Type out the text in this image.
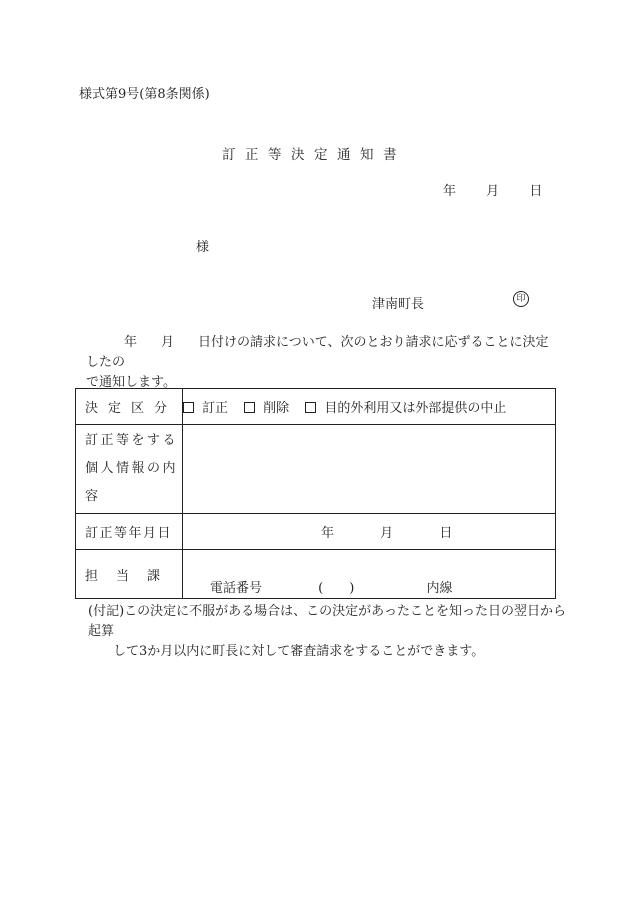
様式第9号(第8条関係)
訂正等決定通知書
年 月 日
様
津南町長	印
年 月 日付けの請求について、次のとおり請求に応ずることに決定したの
で通知します。
決定区分	訂正 削除 目的外利用又は外部提供の中止
訂正等をする
個人情報の内容	
訂正等年月日	年 月 日
担当課	電話番号 (　　) 内線
(付記)この決定に不服がある場合は、この決定があったことを知った日の翌日から起算
して3か月以内に町長に対して審査請求をすることができます。
